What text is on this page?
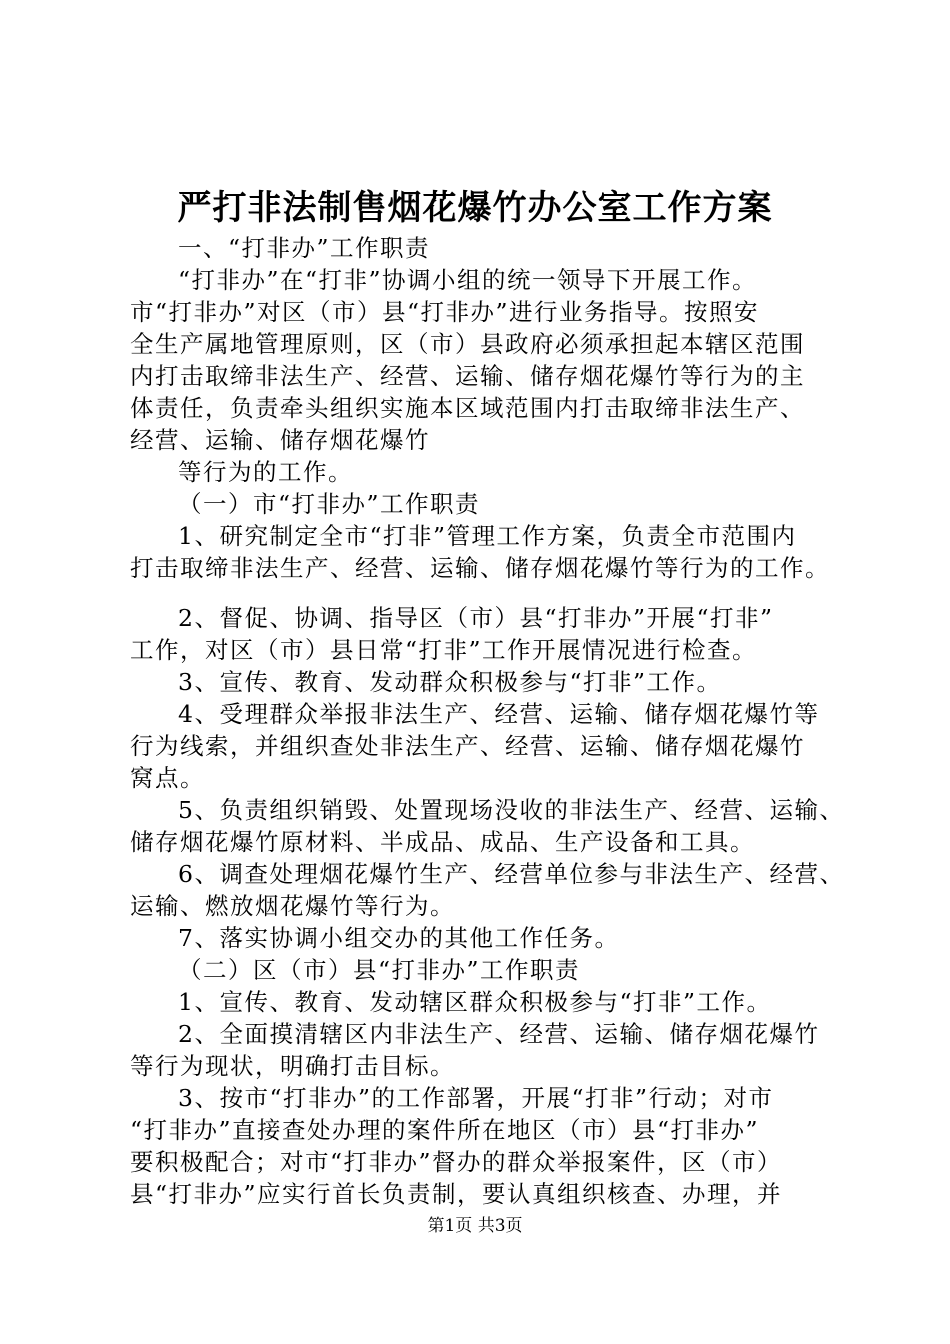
严打非法制售烟花爆竹办公室工作方案
一、“打非办”工作职责
“打非办”在“打非”协调小组的统一领导下开展工作。
市“打非办”对区（市）县“打非办”进行业务指导。按照安
全生产属地管理原则，区（市）县政府必须承担起本辖区范围
内打击取缔非法生产、经营、运输、储存烟花爆竹等行为的主
体责任，负责牵头组织实施本区域范围内打击取缔非法生产、
经营、运输、储存烟花爆竹
等行为的工作。
（一）市“打非办”工作职责
1、研究制定全市“打非”管理工作方案，负责全市范围内
打击取缔非法生产、经营、运输、储存烟花爆竹等行为的工作。
2、督促、协调、指导区（市）县“打非办”开展“打非”
工作，对区（市）县日常“打非”工作开展情况进行检查。
3、宣传、教育、发动群众积极参与“打非”工作。
4、受理群众举报非法生产、经营、运输、储存烟花爆竹等
行为线索，并组织查处非法生产、经营、运输、储存烟花爆竹
窝点。
5、负责组织销毁、处置现场没收的非法生产、经营、运输、
储存烟花爆竹原材料、半成品、成品、生产设备和工具。
6、调查处理烟花爆竹生产、经营单位参与非法生产、经营、
运输、燃放烟花爆竹等行为。
7、落实协调小组交办的其他工作任务。
（二）区（市）县“打非办”工作职责
1、宣传、教育、发动辖区群众积极参与“打非”工作。
2、全面摸清辖区内非法生产、经营、运输、储存烟花爆竹
等行为现状，明确打击目标。
3、按市“打非办”的工作部署，开展“打非”行动；对市
“打非办”直接查处办理的案件所在地区（市）县“打非办”
要积极配合；对市“打非办”督办的群众举报案件，区（市）
县“打非办”应实行首长负责制，要认真组织核查、办理，并
第1页 共3页
